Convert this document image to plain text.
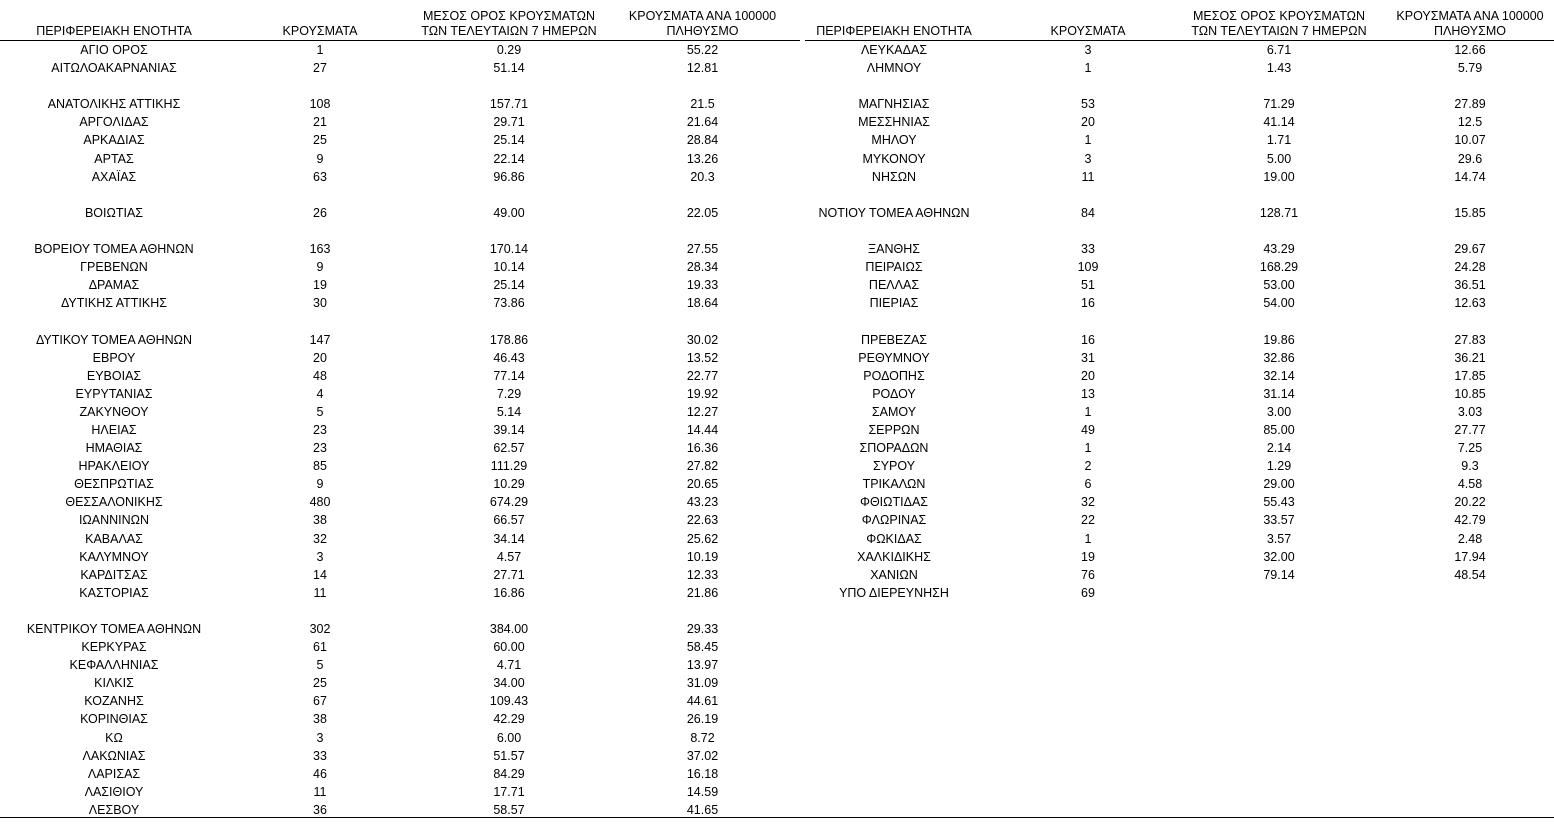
ΠΕΡΙΦΕΡΕΙΑΚΗ ΕΝΟΤΗΤΑ	ΚΡΟΥΣΜΑΤΑ
ΜΕΣΟΣ ΟΡΟΣ ΚΡΟΥΣΜΑΤΩΝ
ΤΩΝ ΤΕΛΕΥΤΑΙΩΝ 7 ΗΜΕΡΩΝ
ΚΡΟΥΣΜΑΤΑ ΑΝΑ 100000
ΠΛΗΘΥΣΜΟ
ΑΓΙΟ ΟΡΟΣ	1	0.29	55.22
ΑΙΤΩΛΟΑΚΑΡΝΑΝΙΑΣ	27	51.14	12.81
ΑΝΑΤΟΛΙΚΗΣ ΑΤΤΙΚΗΣ	108	157.71	21.5
ΑΡΓΟΛΙΔΑΣ	21	29.71	21.64
ΑΡΚΑΔΙΑΣ	25	25.14	28.84
ΑΡΤΑΣ	9	22.14	13.26
ΑΧΑΪΑΣ	63	96.86	20.3
ΒΟΙΩΤΙΑΣ	26	49.00	22.05
ΒΟΡΕΙΟΥ ΤΟΜΕΑ ΑΘΗΝΩΝ	163	170.14	27.55
ΓΡΕΒΕΝΩΝ	9	10.14	28.34
ΔΡΑΜΑΣ	19	25.14	19.33
ΔΥΤΙΚΗΣ ΑΤΤΙΚΗΣ	30	73.86	18.64
ΔΥΤΙΚΟΥ ΤΟΜΕΑ ΑΘΗΝΩΝ	147	178.86	30.02
ΕΒΡΟΥ	20	46.43	13.52
ΕΥΒΟΙΑΣ	48	77.14	22.77
ΕΥΡΥΤΑΝΙΑΣ	4	7.29	19.92
ΖΑΚΥΝΘΟΥ	5	5.14	12.27
ΗΛΕΙΑΣ	23	39.14	14.44
ΗΜΑΘΙΑΣ	23	62.57	16.36
ΗΡΑΚΛΕΙΟΥ	85	111.29	27.82
ΘΕΣΠΡΩΤΙΑΣ	9	10.29	20.65
ΘΕΣΣΑΛΟΝΙΚΗΣ	480	674.29	43.23
ΙΩΑΝΝΙΝΩΝ	38	66.57	22.63
ΚΑΒΑΛΑΣ	32	34.14	25.62
ΚΑΛΥΜΝΟΥ	3	4.57	10.19
ΚΑΡΔΙΤΣΑΣ	14	27.71	12.33
ΚΑΣΤΟΡΙΑΣ	11	16.86	21.86
ΚΕΝΤΡΙΚΟΥ ΤΟΜΕΑ ΑΘΗΝΩΝ	302	384.00	29.33
ΚΕΡΚΥΡΑΣ	61	60.00	58.45
ΚΕΦΑΛΛΗΝΙΑΣ	5	4.71	13.97
ΚΙΛΚΙΣ	25	34.00	31.09
ΚΟΖΑΝΗΣ	67	109.43	44.61
ΚΟΡΙΝΘΙΑΣ	38	42.29	26.19
ΚΩ	3	6.00	8.72
ΛΑΚΩΝΙΑΣ	33	51.57	37.02
ΛΑΡΙΣΑΣ	46	84.29	16.18
ΛΑΣΙΘΙΟΥ	11	17.71	14.59
ΛΕΣΒΟΥ	36	58.57	41.65
ΠΕΡΙΦΕΡΕΙΑΚΗ ΕΝΟΤΗΤΑ	ΚΡΟΥΣΜΑΤΑ
ΜΕΣΟΣ ΟΡΟΣ ΚΡΟΥΣΜΑΤΩΝ
ΤΩΝ ΤΕΛΕΥΤΑΙΩΝ 7 ΗΜΕΡΩΝ
ΚΡΟΥΣΜΑΤΑ ΑΝΑ 100000
ΠΛΗΘΥΣΜΟ
ΛΕΥΚΑΔΑΣ	3	6.71	12.66
ΛΗΜΝΟΥ	1	1.43	5.79
ΜΑΓΝΗΣΙΑΣ	53	71.29	27.89
ΜΕΣΣΗΝΙΑΣ	20	41.14	12.5
ΜΗΛΟΥ	1	1.71	10.07
ΜΥΚΟΝΟΥ	3	5.00	29.6
ΝΗΣΩΝ	11	19.00	14.74
ΝΟΤΙΟΥ ΤΟΜΕΑ ΑΘΗΝΩΝ	84	128.71	15.85
ΞΑΝΘΗΣ	33	43.29	29.67
ΠΕΙΡΑΙΩΣ	109	168.29	24.28
ΠΕΛΛΑΣ	51	53.00	36.51
ΠΙΕΡΙΑΣ	16	54.00	12.63
ΠΡΕΒΕΖΑΣ	16	19.86	27.83
ΡΕΘΥΜΝΟΥ	31	32.86	36.21
ΡΟΔΟΠΗΣ	20	32.14	17.85
ΡΟΔΟΥ	13	31.14	10.85
ΣΑΜΟΥ	1	3.00	3.03
ΣΕΡΡΩΝ	49	85.00	27.77
ΣΠΟΡΑΔΩΝ	1	2.14	7.25
ΣΥΡΟΥ	2	1.29	9.3
ΤΡΙΚΑΛΩΝ	6	29.00	4.58
ΦΘΙΩΤΙΔΑΣ	32	55.43	20.22
ΦΛΩΡΙΝΑΣ	22	33.57	42.79
ΦΩΚΙΔΑΣ	1	3.57	2.48
ΧΑΛΚΙΔΙΚΗΣ	19	32.00	17.94
ΧΑΝΙΩΝ	76	79.14	48.54
ΥΠΟ ΔΙΕΡΕΥΝΗΣΗ	69
